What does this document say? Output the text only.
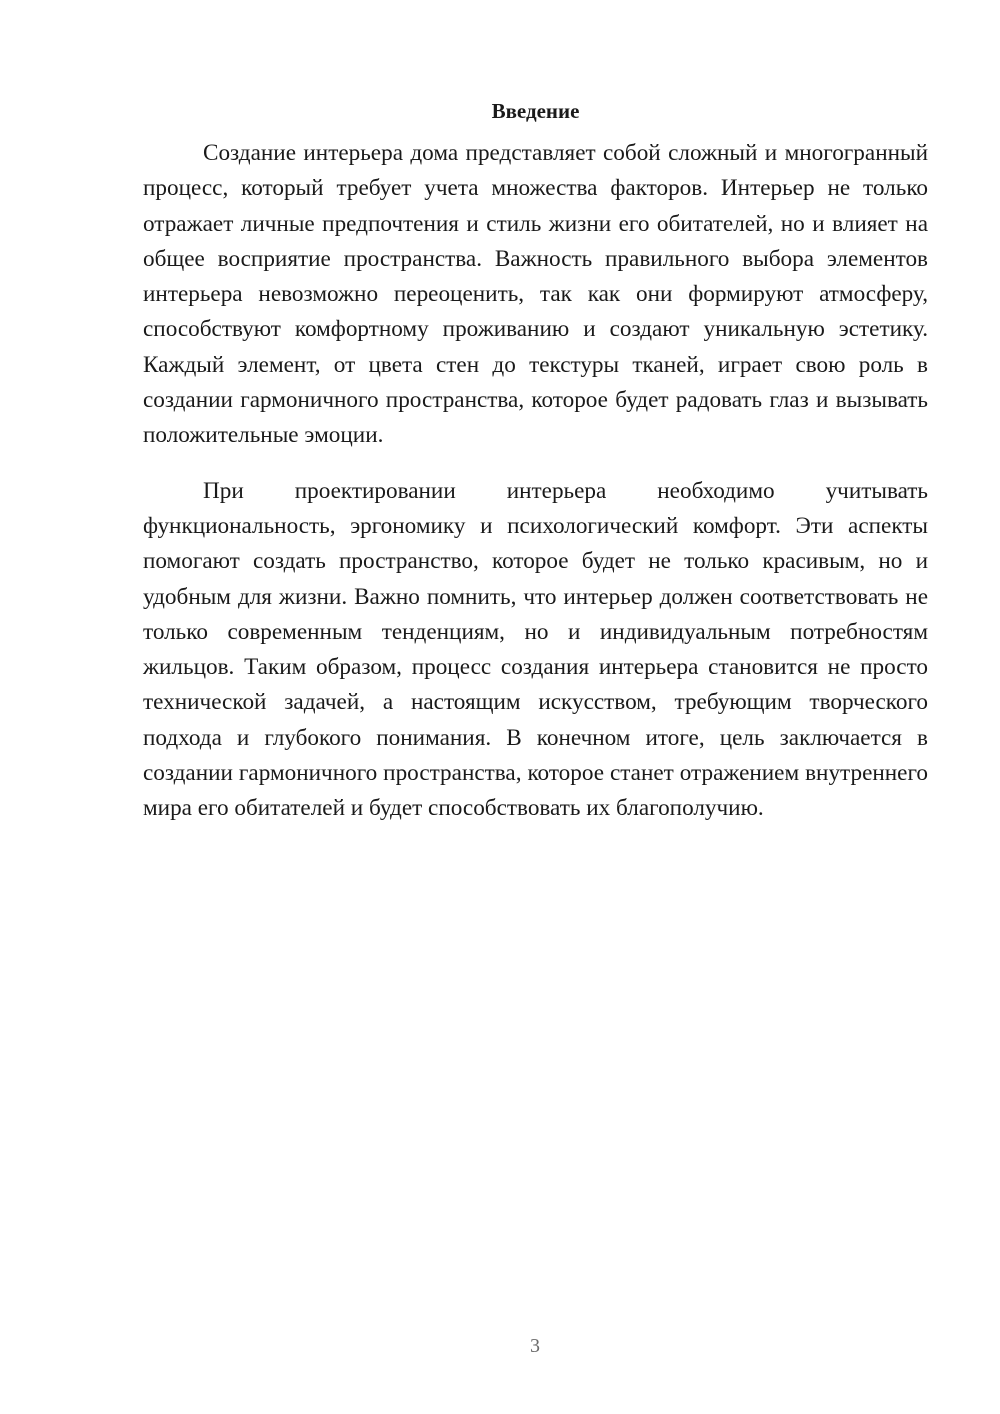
Введение

Создание интерьера дома представляет собой сложный и многогранный процесс, который требует учета множества факторов. Интерьер не только отражает личные предпочтения и стиль жизни его обитателей, но и влияет на общее восприятие пространства. Важность правильного выбора элементов интерьера невозможно переоценить, так как они формируют атмосферу, способствуют комфортному проживанию и создают уникальную эстетику. Каждый элемент, от цвета стен до текстуры тканей, играет свою роль в создании гармоничного пространства, которое будет радовать глаз и вызывать положительные эмоции.

При проектировании интерьера необходимо учитывать функциональность, эргономику и психологический комфорт. Эти аспекты помогают создать пространство, которое будет не только красивым, но и удобным для жизни. Важно помнить, что интерьер должен соответствовать не только современным тенденциям, но и индивидуальным потребностям жильцов. Таким образом, процесс создания интерьера становится не просто технической задачей, а настоящим искусством, требующим творческого подхода и глубокого понимания. В конечном итоге, цель заключается в создании гармоничного пространства, которое станет отражением внутреннего мира его обитателей и будет способствовать их благополучию.

3
